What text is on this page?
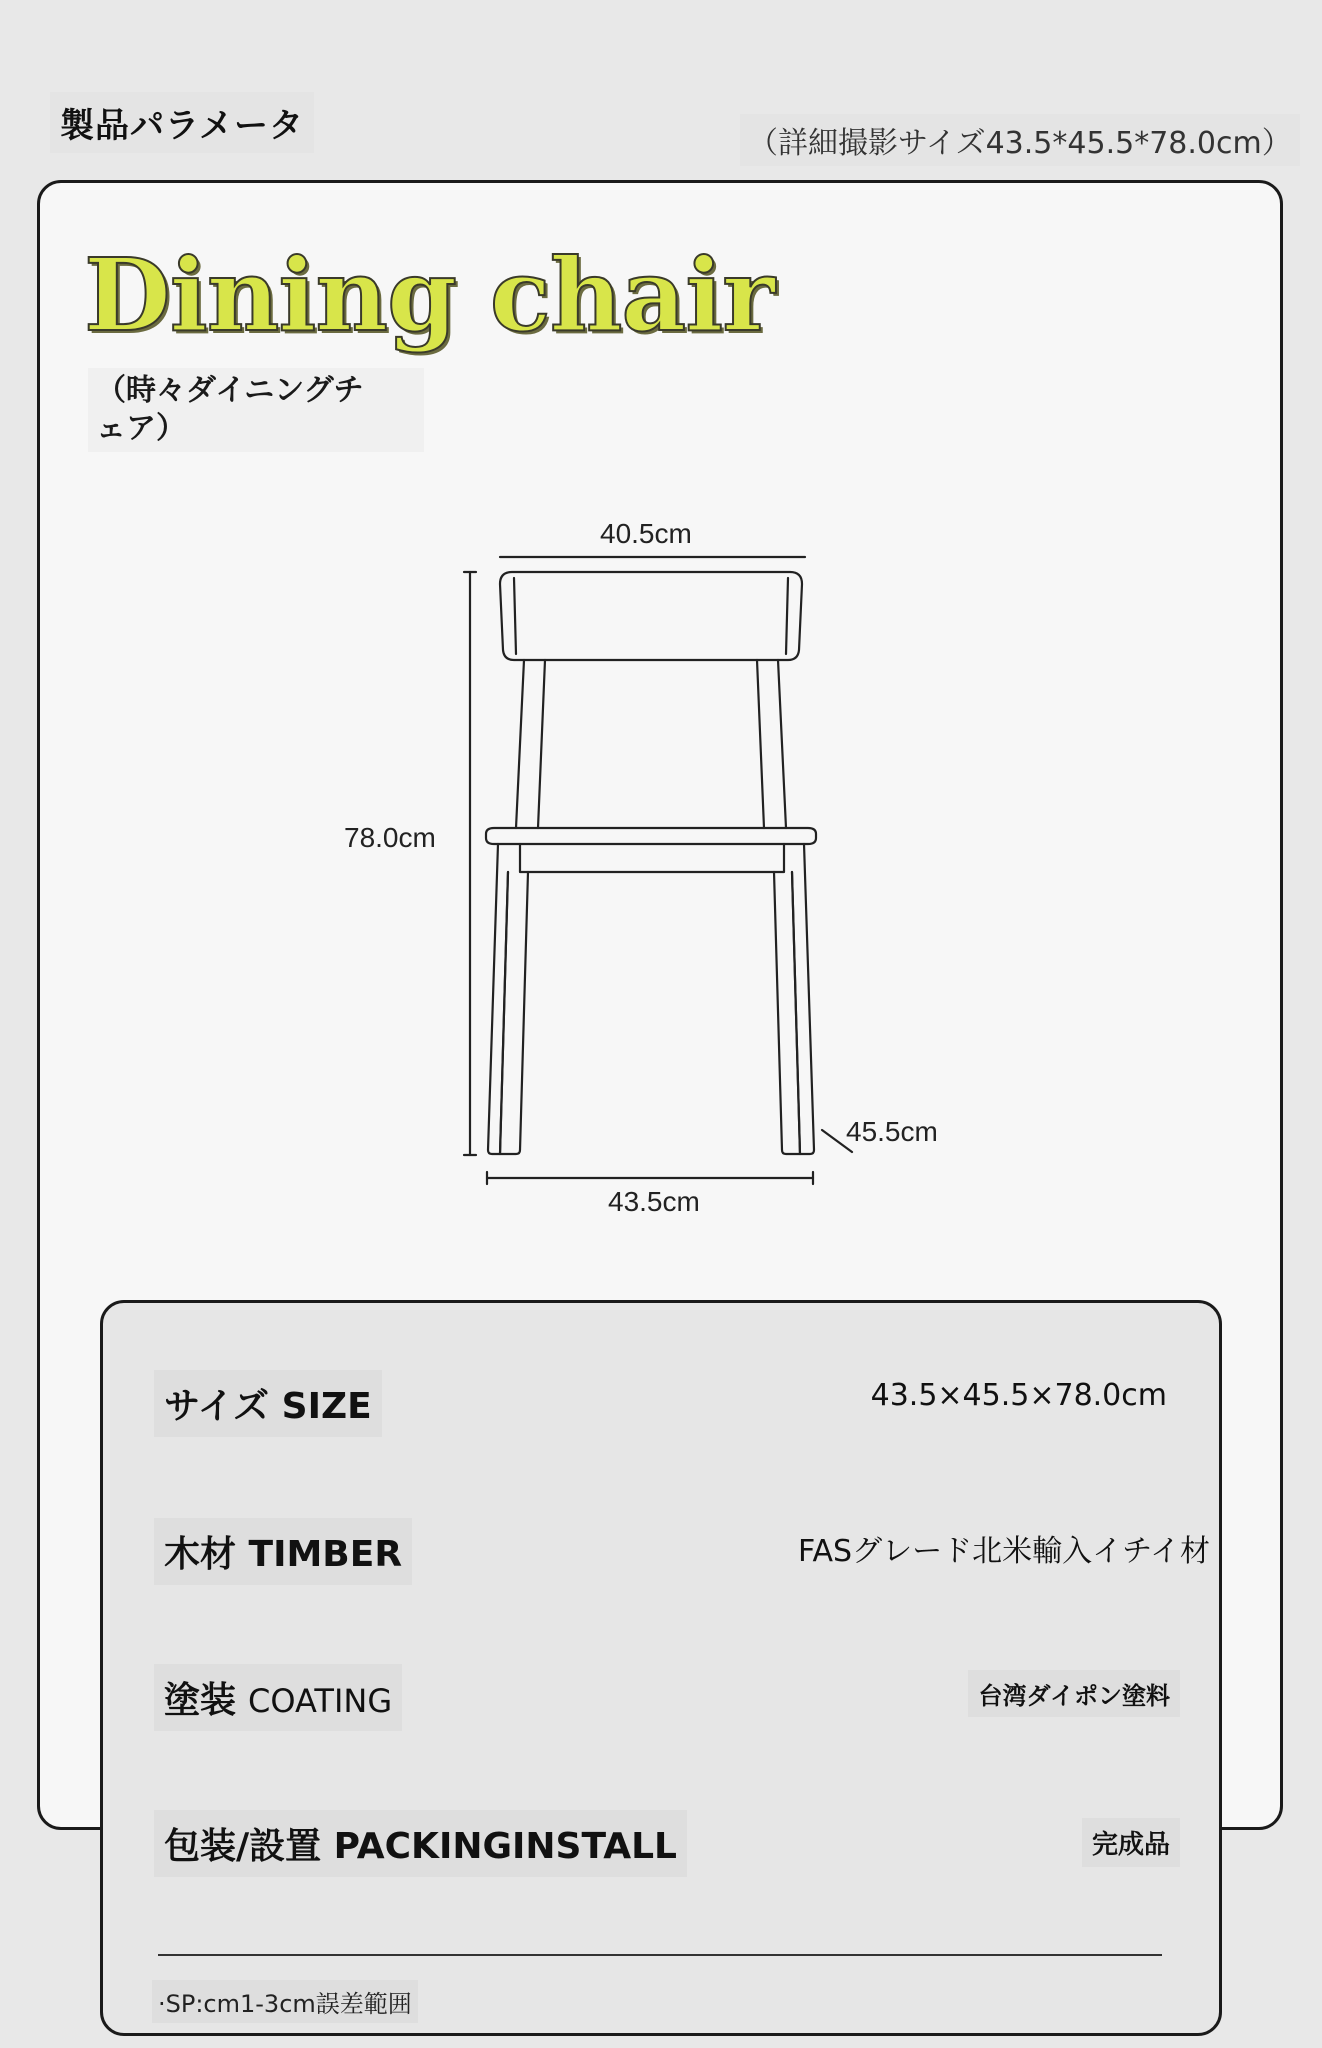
製品パラメータ	（詳細撮影サイズ43.5*45.5*78.0cm）
Dining chair
（時々ダイニングチ
ェア）
40.5cm
78.0cm
45.5cm
43.5cm
サイズ SIZE	43.5×45.5×78.0cm
木材 TIMBER	FASグレード北米輸入イチイ材
塗装 COATING	台湾ダイポン塗料
包装/設置 PACKINGINSTALL	完成品
·SP:cm1-3cm誤差範囲
